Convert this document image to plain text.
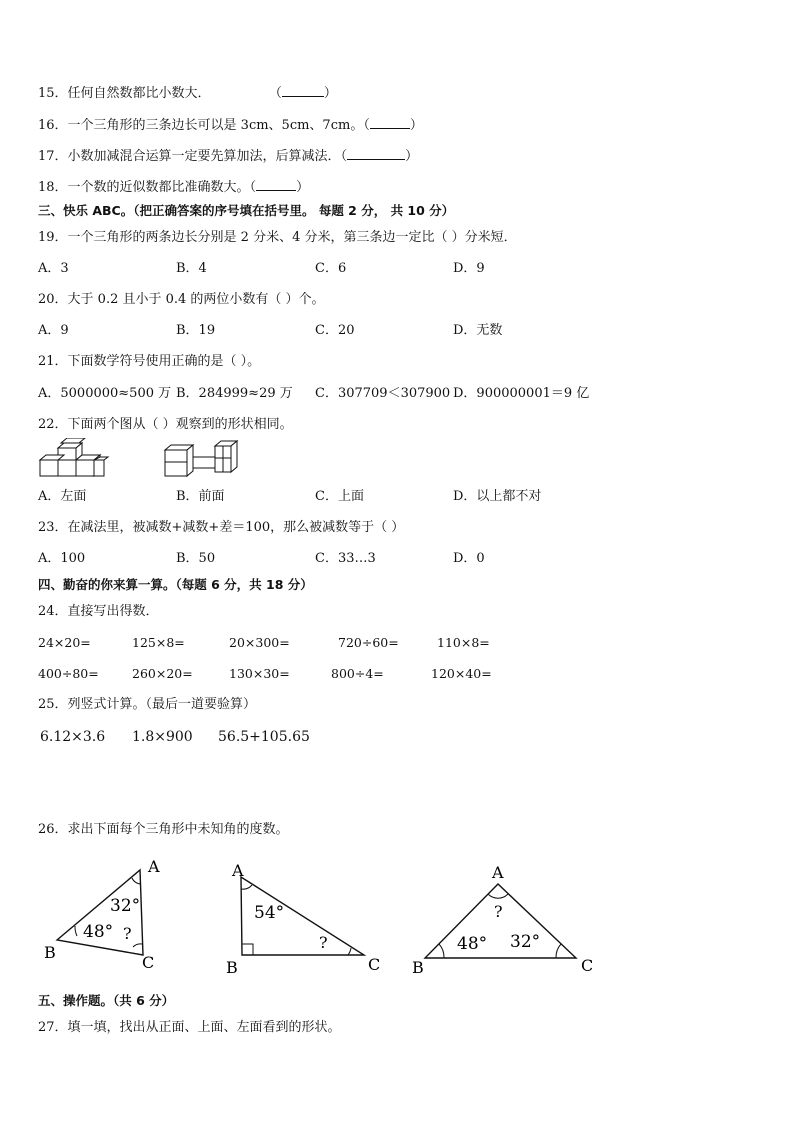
15．任何自然数都比小数大．	（	）
16．一个三角形的三条边长可以是 3cm、5cm、7cm。（	）
17．小数加减混合运算一定要先算加法，后算减法．（	）
18．一个数的近似数都比准确数大。（	）
三、快乐 ABC。（把正确答案的序号填在括号里。 每题 2 分， 共 10 分）
19．一个三角形的两条边长分别是 2 分米、4 分米，第三条边一定比（ ）分米短．
A．3	B．4	C．6	D．9
20．大于 0.2 且小于 0.4 的两位小数有（ ）个。
A．9	B．19	C．20	D．无数
21．下面数学符号使用正确的是（ ）。
A．5000000≈500 万 B．284999≈29 万 C．307709＜307900 D．900000001＝9 亿
22．下面两个图从（ ）观察到的形状相同。
A．左面	B．前面	C．上面	D．以上都不对
23．在减法里，被减数+减数+差＝100，那么被减数等于（ ）
A．100	B．50	C．33…3	D．0
四、勤奋的你来算一算。（每题 6 分，共 18 分）
24．直接写出得数．
24×20=	125×8=	20×300=	720÷60=	110×8=
400÷80=	260×20=	130×30=	800÷4=	120×40=
25．列竖式计算。（最后一道要验算）
6.12×3.6 1.8×900 56.5+105.65
26．求出下面每个三角形中未知角的度数。
A
B
C
32°
48° ?
A
B	C
54°
?
A
B	C
?
48° 32°
五、操作题。（共 6 分）
27．填一填，找出从正面、上面、左面看到的形状。
